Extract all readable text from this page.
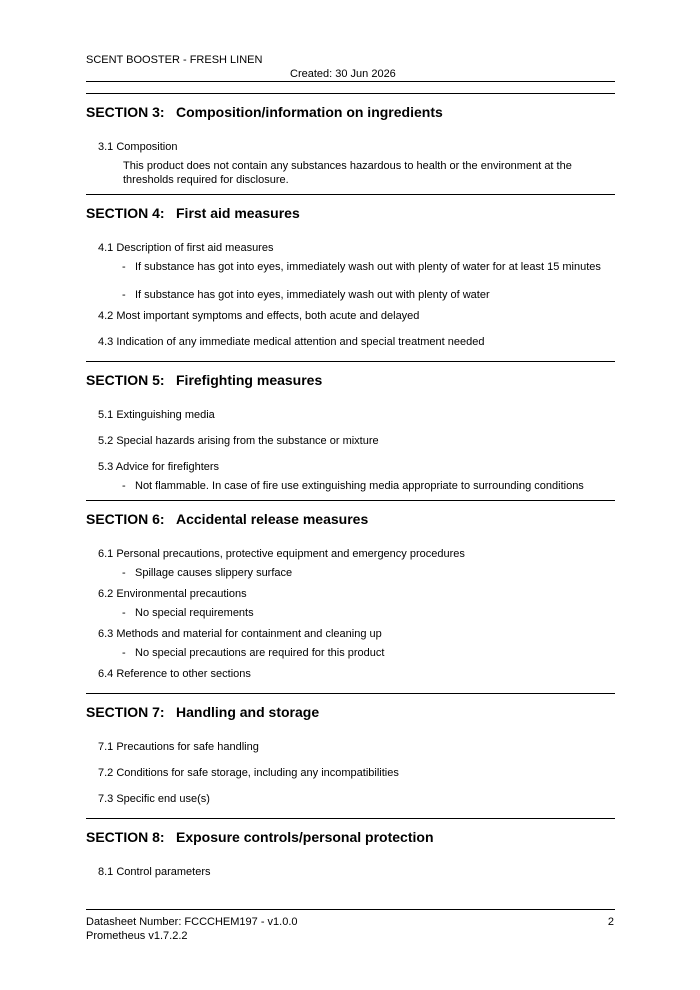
SCENT BOOSTER - FRESH LINEN
Created: 30 Jun 2026
SECTION 3: Composition/information on ingredients
3.1 Composition
This product does not contain any substances hazardous to health or the environment at the thresholds required for disclosure.
SECTION 4: First aid measures
4.1 Description of first aid measures
- If substance has got into eyes, immediately wash out with plenty of water for at least 15 minutes
- If substance has got into eyes, immediately wash out with plenty of water
4.2 Most important symptoms and effects, both acute and delayed
4.3 Indication of any immediate medical attention and special treatment needed
SECTION 5: Firefighting measures
5.1 Extinguishing media
5.2 Special hazards arising from the substance or mixture
5.3 Advice for firefighters
- Not flammable. In case of fire use extinguishing media appropriate to surrounding conditions
SECTION 6: Accidental release measures
6.1 Personal precautions, protective equipment and emergency procedures
- Spillage causes slippery surface
6.2 Environmental precautions
- No special requirements
6.3 Methods and material for containment and cleaning up
- No special precautions are required for this product
6.4 Reference to other sections
SECTION 7: Handling and storage
7.1 Precautions for safe handling
7.2 Conditions for safe storage, including any incompatibilities
7.3 Specific end use(s)
SECTION 8: Exposure controls/personal protection
8.1 Control parameters
Datasheet Number: FCCCHEM197 - v1.0.0
Prometheus v1.7.2.2
2
